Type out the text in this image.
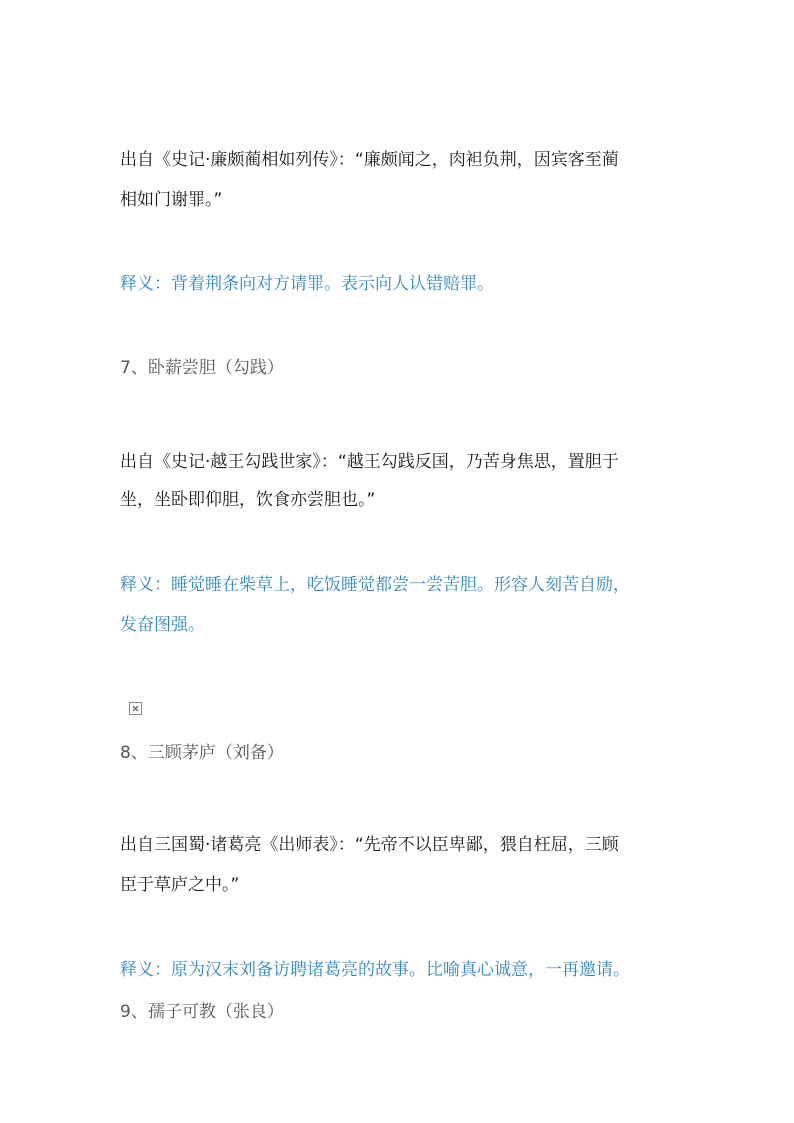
出自《史记·廉颇蔺相如列传》：“廉颇闻之，肉袒负荆，因宾客至蔺
相如门谢罪。”
释义：背着荆条向对方请罪。表示向人认错赔罪。
7、卧薪尝胆（勾践）
出自《史记·越王勾践世家》：“越王勾践反国，乃苦身焦思，置胆于
坐，坐卧即仰胆，饮食亦尝胆也。”
释义：睡觉睡在柴草上，吃饭睡觉都尝一尝苦胆。形容人刻苦自励，
发奋图强。
8、三顾茅庐（刘备）
出自三国蜀·诸葛亮《出师表》：“先帝不以臣卑鄙，猥自枉屈，三顾
臣于草庐之中。”
释义：原为汉末刘备访聘诸葛亮的故事。比喻真心诚意，一再邀请。
9、孺子可教（张良）
